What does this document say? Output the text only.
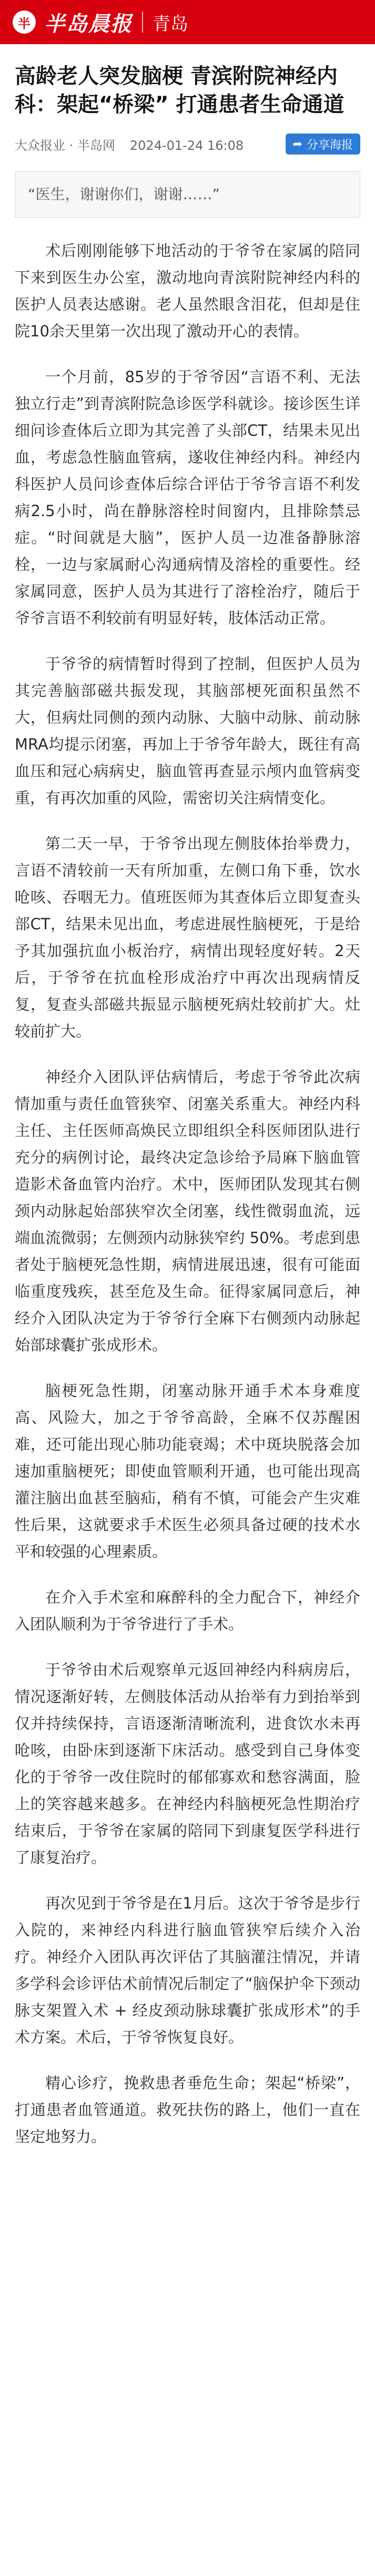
半 半岛晨报 青岛
高龄老人突发脑梗 青滨附院神经内科：架起“桥梁” 打通患者生命通道
大众报业 · 半岛网 2024-01-24 16:08	➦ 分享海报
“医生，谢谢你们，谢谢……”

术后刚刚能够下地活动的于爷爷在家属的陪同下来到医生办公室，激动地向青滨附院神经内科的医护人员表达感谢。老人虽然眼含泪花，但却是住院10余天里第一次出现了激动开心的表情。

一个月前，85岁的于爷爷因“言语不利、无法独立行走”到青滨附院急诊医学科就诊。接诊医生详细问诊查体后立即为其完善了头部CT，结果未见出血，考虑急性脑血管病，遂收住神经内科。神经内科医护人员问诊查体后综合评估于爷爷言语不利发病2.5小时，尚在静脉溶栓时间窗内，且排除禁忌症。“时间就是大脑”，医护人员一边准备静脉溶栓，一边与家属耐心沟通病情及溶栓的重要性。经家属同意，医护人员为其进行了溶栓治疗，随后于爷爷言语不利较前有明显好转，肢体活动正常。

于爷爷的病情暂时得到了控制，但医护人员为其完善脑部磁共振发现，其脑部梗死面积虽然不大，但病灶同侧的颈内动脉、大脑中动脉、前动脉MRA均提示闭塞，再加上于爷爷年龄大，既往有高血压和冠心病病史，脑血管再查显示颅内血管病变重，有再次加重的风险，需密切关注病情变化。

第二天一早，于爷爷出现左侧肢体抬举费力，言语不清较前一天有所加重，左侧口角下垂，饮水呛咳、吞咽无力。值班医师为其查体后立即复查头部CT，结果未见出血，考虑进展性脑梗死，于是给予其加强抗血小板治疗，病情出现轻度好转。2天后，于爷爷在抗血栓形成治疗中再次出现病情反复，复查头部磁共振显示脑梗死病灶较前扩大。灶较前扩大。

神经介入团队评估病情后，考虑于爷爷此次病情加重与责任血管狭窄、闭塞关系重大。神经内科主任、主任医师高焕民立即组织全科医师团队进行充分的病例讨论，最终决定急诊给予局麻下脑血管造影术备血管内治疗。术中，医师团队发现其右侧颈内动脉起始部狭窄次全闭塞，线性微弱血流，远端血流微弱；左侧颈内动脉狭窄约 50%。考虑到患者处于脑梗死急性期，病情进展迅速，很有可能面临重度残疾，甚至危及生命。征得家属同意后，神经介入团队决定为于爷爷行全麻下右侧颈内动脉起始部球囊扩张成形术。

脑梗死急性期，闭塞动脉开通手术本身难度高、风险大，加之于爷爷高龄，全麻不仅苏醒困难，还可能出现心肺功能衰竭；术中斑块脱落会加速加重脑梗死；即使血管顺利开通，也可能出现高灌注脑出血甚至脑疝，稍有不慎，可能会产生灾难性后果，这就要求手术医生必须具备过硬的技术水平和较强的心理素质。

在介入手术室和麻醉科的全力配合下，神经介入团队顺利为于爷爷进行了手术。

于爷爷由术后观察单元返回神经内科病房后，情况逐渐好转，左侧肢体活动从抬举有力到抬举到仅并持续保持，言语逐渐清晰流利，进食饮水未再呛咳，由卧床到逐渐下床活动。感受到自己身体变化的于爷爷一改住院时的郁郁寡欢和愁容满面，脸上的笑容越来越多。在神经内科脑梗死急性期治疗结束后，于爷爷在家属的陪同下到康复医学科进行了康复治疗。

再次见到于爷爷是在1月后。这次于爷爷是步行入院的，来神经内科进行脑血管狭窄后续介入治疗。神经介入团队再次评估了其脑灌注情况，并请多学科会诊评估术前情况后制定了“脑保护伞下颈动脉支架置入术 + 经皮颈动脉球囊扩张成形术”的手术方案。术后，于爷爷恢复良好。

精心诊疗，挽救患者垂危生命；架起“桥梁”，打通患者血管通道。救死扶伤的路上，他们一直在坚定地努力。
